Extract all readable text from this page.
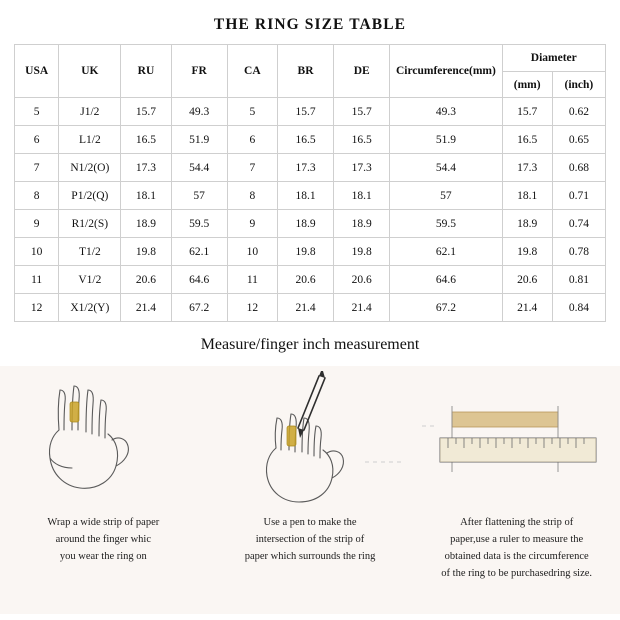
THE RING SIZE TABLE
USA	UK	RU	FR	CA	BR	DE	Circumference(mm)	Diameter	
								(mm)	(inch)
5	J1/2	15.7	49.3	5	15.7	15.7	49.3	15.7	0.62
6	L1/2	16.5	51.9	6	16.5	16.5	51.9	16.5	0.65
7	N1/2(O)	17.3	54.4	7	17.3	17.3	54.4	17.3	0.68
8	P1/2(Q)	18.1	57	8	18.1	18.1	57	18.1	0.71
9	R1/2(S)	18.9	59.5	9	18.9	18.9	59.5	18.9	0.74
10	T1/2	19.8	62.1	10	19.8	19.8	62.1	19.8	0.78
11	V1/2	20.6	64.6	11	20.6	20.6	64.6	20.6	0.81
12	X1/2(Y)	21.4	67.2	12	21.4	21.4	67.2	21.4	0.84
Measure/finger inch measurement
Wrap a wide strip of paper
around the finger whic
you wear the ring on
Use a pen to make the
intersection of the strip of
paper which surrounds the ring
After flattening the strip of
paper,use a ruler to measure the
obtained data is the circumference
of the ring to be purchasedring size.
